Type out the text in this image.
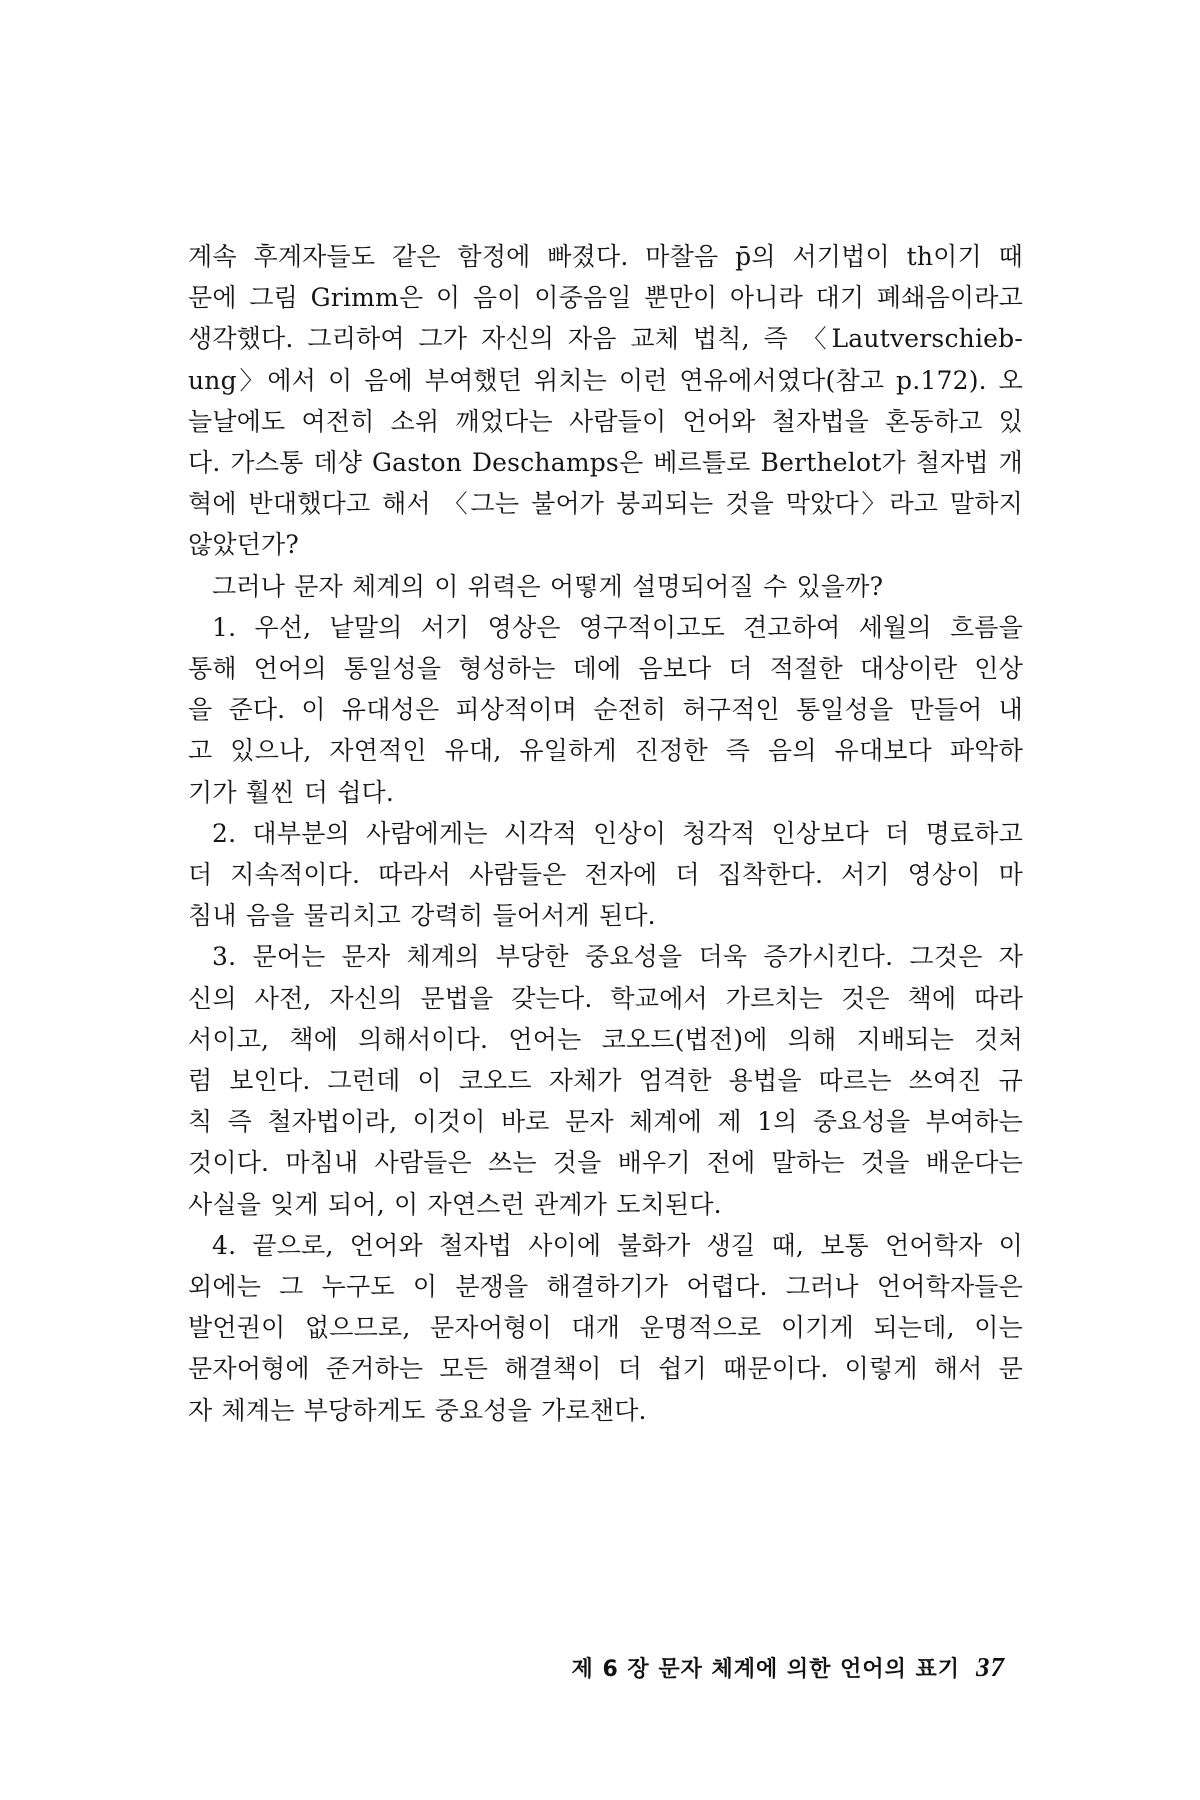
계속 후계자들도 같은 함정에 빠졌다. 마찰음 p̄의 서기법이 th이기 때
문에 그림 Grimm은 이 음이 이중음일 뿐만이 아니라 대기 폐쇄음이라고
생각했다. 그리하여 그가 자신의 자음 교체 법칙, 즉 〈Lautverschieb-
ung〉에서 이 음에 부여했던 위치는 이런 연유에서였다(참고 p.172). 오
늘날에도 여전히 소위 깨었다는 사람들이 언어와 철자법을 혼동하고 있
다. 가스통 데샹 Gaston Deschamps은 베르틀로 Berthelot가 철자법 개
혁에 반대했다고 해서 〈그는 불어가 붕괴되는 것을 막았다〉라고 말하지
않았던가?
그러나 문자 체계의 이 위력은 어떻게 설명되어질 수 있을까?
1. 우선, 낱말의 서기 영상은 영구적이고도 견고하여 세월의 흐름을
통해 언어의 통일성을 형성하는 데에 음보다 더 적절한 대상이란 인상
을 준다. 이 유대성은 피상적이며 순전히 허구적인 통일성을 만들어 내
고 있으나, 자연적인 유대, 유일하게 진정한 즉 음의 유대보다 파악하
기가 훨씬 더 쉽다.
2. 대부분의 사람에게는 시각적 인상이 청각적 인상보다 더 명료하고
더 지속적이다. 따라서 사람들은 전자에 더 집착한다. 서기 영상이 마
침내 음을 물리치고 강력히 들어서게 된다.
3. 문어는 문자 체계의 부당한 중요성을 더욱 증가시킨다. 그것은 자
신의 사전, 자신의 문법을 갖는다. 학교에서 가르치는 것은 책에 따라
서이고, 책에 의해서이다. 언어는 코오드(법전)에 의해 지배되는 것처
럼 보인다. 그런데 이 코오드 자체가 엄격한 용법을 따르는 쓰여진 규
칙 즉 철자법이라, 이것이 바로 문자 체계에 제 1의 중요성을 부여하는
것이다. 마침내 사람들은 쓰는 것을 배우기 전에 말하는 것을 배운다는
사실을 잊게 되어, 이 자연스런 관계가 도치된다.
4. 끝으로, 언어와 철자법 사이에 불화가 생길 때, 보통 언어학자 이
외에는 그 누구도 이 분쟁을 해결하기가 어렵다. 그러나 언어학자들은
발언권이 없으므로, 문자어형이 대개 운명적으로 이기게 되는데, 이는
문자어형에 준거하는 모든 해결책이 더 쉽기 때문이다. 이렇게 해서 문
자 체계는 부당하게도 중요성을 가로챈다.
제 6 장 문자 체계에 의한 언어의 표기 37
